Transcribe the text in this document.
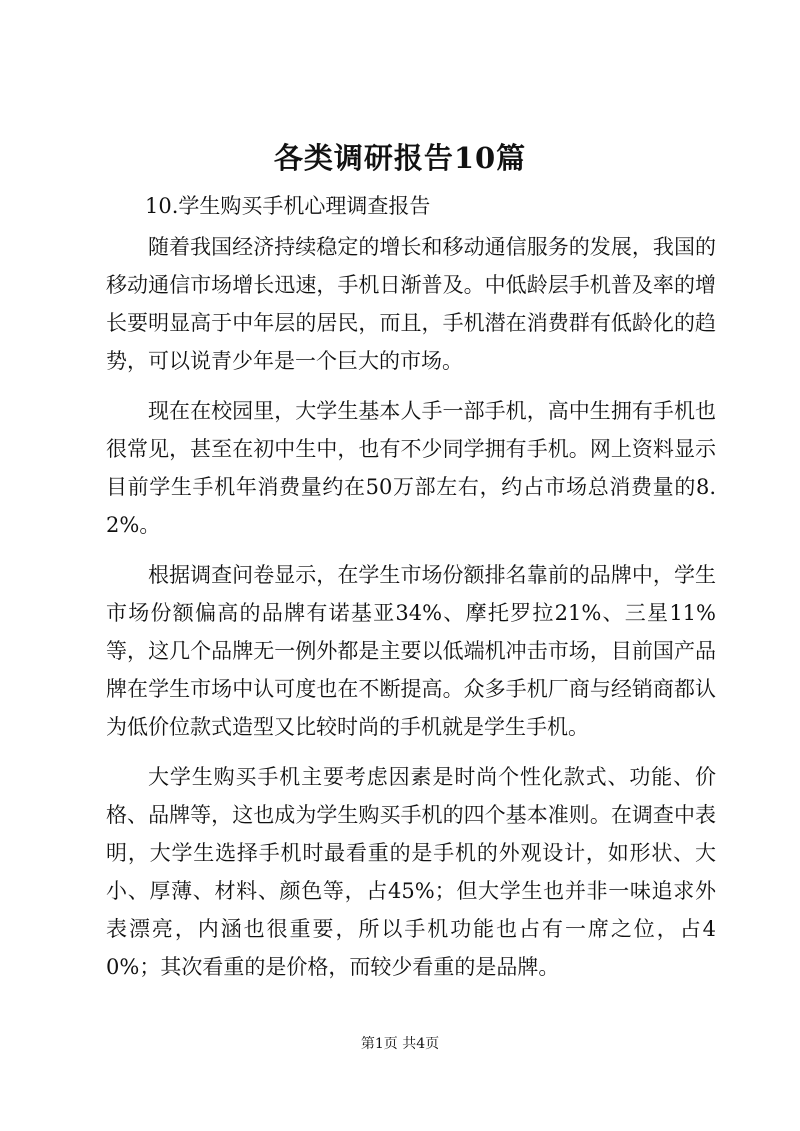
各类调研报告10篇

10.学生购买手机心理调查报告

随着我国经济持续稳定的增长和移动通信服务的发展，我国的移动通信市场增长迅速，手机日渐普及。中低龄层手机普及率的增长要明显高于中年层的居民，而且，手机潜在消费群有低龄化的趋势，可以说青少年是一个巨大的市场。

现在在校园里，大学生基本人手一部手机，高中生拥有手机也很常见，甚至在初中生中，也有不少同学拥有手机。网上资料显示目前学生手机年消费量约在50万部左右，约占市场总消费量的8.2%。

根据调查问卷显示，在学生市场份额排名靠前的品牌中，学生市场份额偏高的品牌有诺基亚34%、摩托罗拉21%、三星11%等，这几个品牌无一例外都是主要以低端机冲击市场，目前国产品牌在学生市场中认可度也在不断提高。众多手机厂商与经销商都认为低价位款式造型又比较时尚的手机就是学生手机。

大学生购买手机主要考虑因素是时尚个性化款式、功能、价格、品牌等，这也成为学生购买手机的四个基本准则。在调查中表明，大学生选择手机时最看重的是手机的外观设计，如形状、大小、厚薄、材料、颜色等，占45%；但大学生也并非一味追求外表漂亮，内涵也很重要，所以手机功能也占有一席之位，占40%；其次看重的是价格，而较少看重的是品牌。

第1页 共4页
